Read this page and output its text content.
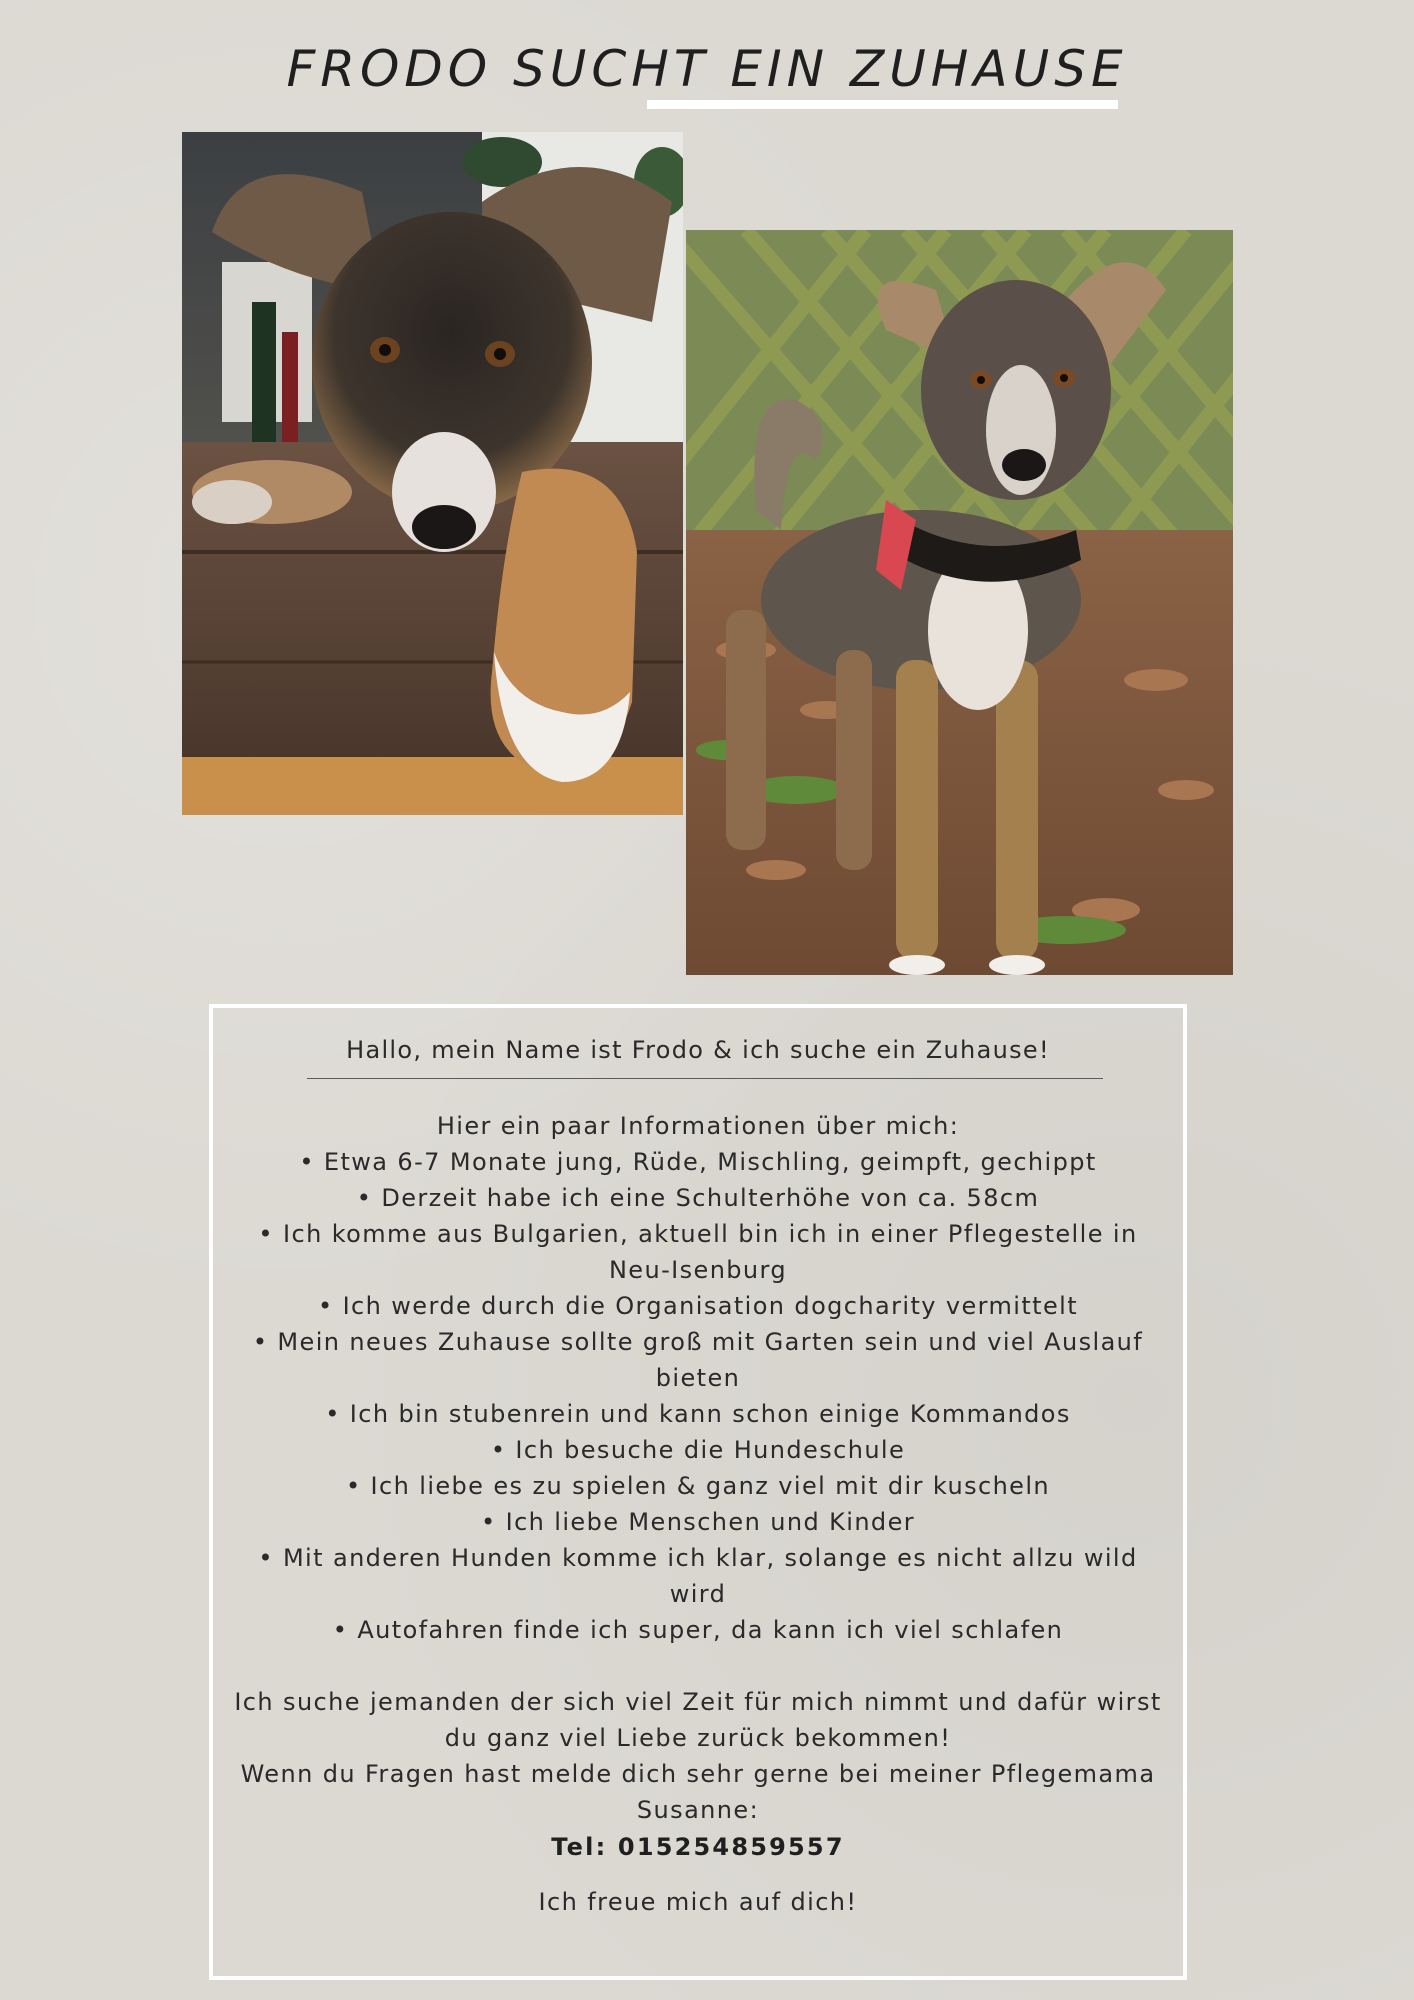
FRODO SUCHT EIN ZUHAUSE
Hallo, mein Name ist Frodo & ich suche ein Zuhause!

Hier ein paar Informationen über mich:

• Etwa 6-7 Monate jung, Rüde, Mischling, geimpft, gechippt

• Derzeit habe ich eine Schulterhöhe von ca. 58cm

• Ich komme aus Bulgarien, aktuell bin ich in einer Pflegestelle in Neu-Isenburg

• Ich werde durch die Organisation dogcharity vermittelt

• Mein neues Zuhause sollte groß mit Garten sein und viel Auslauf bieten

• Ich bin stubenrein und kann schon einige Kommandos

• Ich besuche die Hundeschule

• Ich liebe es zu spielen & ganz viel mit dir kuscheln

• Ich liebe Menschen und Kinder

• Mit anderen Hunden komme ich klar, solange es nicht allzu wild wird

• Autofahren finde ich super, da kann ich viel schlafen

Ich suche jemanden der sich viel Zeit für mich nimmt und dafür wirst du ganz viel Liebe zurück bekommen!

Wenn du Fragen hast melde dich sehr gerne bei meiner Pflegemama Susanne:

Tel: 015254859557
Ich freue mich auf dich!
